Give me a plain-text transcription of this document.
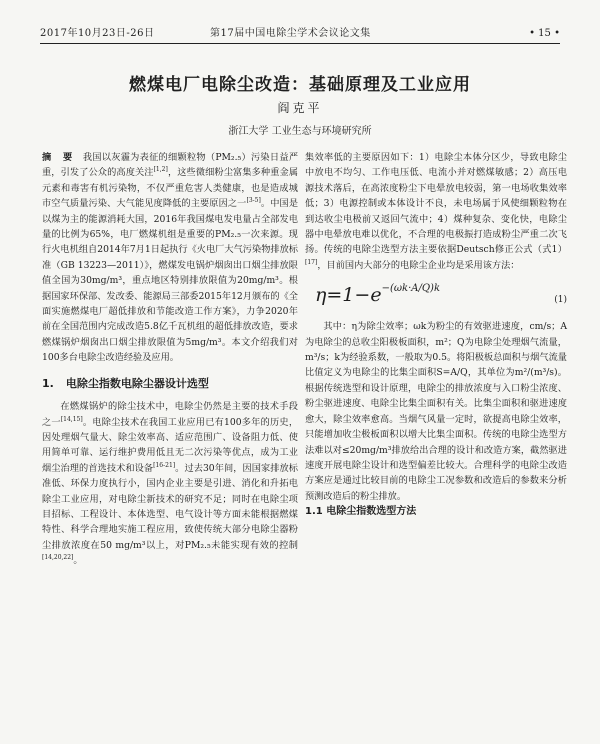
2017年10月23日-26日	第17届中国电除尘学术会议论文集	• 15 •
燃煤电厂电除尘改造：基础原理及工业应用
阎克平
浙江大学 工业生态与环境研究所

摘 要 我国以灰霾为表征的细颗粒物（PM₂.₅）污染日益严重，引发了公众的高度关注[1,2]，这些微细粉尘富集多种重金属元素和毒害有机污染物，不仅严重危害人类健康，也是造成城市空气质量污染、大气能见度降低的主要原因之一[3-5]。中国是以煤为主的能源消耗大国，2016年我国煤电发电量占全部发电量的比例为65%，电厂燃煤机组是重要的PM₂.₅一次来源。现行火电机组自2014年7月1日起执行《火电厂大气污染物排放标准（GB 13223—2011）》，燃煤发电锅炉烟囱出口烟尘排放限值全国为30mg/m³，重点地区特别排放限值为20mg/m³。根据国家环保部、发改委、能源局三部委2015年12月颁布的《全面实施燃煤电厂超低排放和节能改造工作方案》，力争2020年前在全国范围内完成改造5.8亿千瓦机组的超低排放改造，要求燃煤锅炉烟囱出口烟尘排放限值为5mg/m³。本文介绍我们对100多台电除尘改造经验及应用。

1. 电除尘指数电除尘器设计选型

在燃煤锅炉的除尘技术中，电除尘仍然是主要的技术手段之一[14,15]。电除尘技术在我国工业应用已有100多年的历史，因处理烟气量大、除尘效率高、适应范围广、设备阻力低、使用简单可靠、运行维护费用低且无二次污染等优点，成为工业烟尘治理的首选技术和设备[16-21]。过去30年间，因国家排放标准低、环保力度执行小，国内企业主要是引进、消化和升拓电除尘工业应用，对电除尘新技术的研究不足；同时在电除尘项目招标、工程设计、本体选型、电气设计等方面未能根据燃煤特性、科学合理地实施工程应用，致使传统大部分电除尘器粉尘排放浓度在50 mg/m³以上，对PM₂.₅未能实现有效的控制[14,20,22]。

集效率低的主要原因如下：1）电除尘本体分区少，导致电除尘中放电不均匀、工作电压低、电流小并对燃煤敏感；2）高压电源技术落后，在高浓度粉尘下电晕放电较弱，第一电场收集效率低；3）电源控制或本体设计不良，未电场属于风使细颗粒物在到达收尘电极前又返回气流中；4）煤种复杂、变化快，电除尘器中电晕放电难以优化，不合理的电极振打造成粉尘严重二次飞扬。传统的电除尘选型方法主要依据Deutsch修正公式（式1）[17]，目前国内大部分的电除尘企业均是采用该方法：

$\eta=1-e^{-(\omega k\cdot A/Q)k}$
(1)

其中：η为除尘效率；ωk为粉尘的有效驱进速度，cm/s；A为电除尘的总收尘阳极板面积，m²；Q为电除尘处理烟气流量，m³/s；k为经验系数，一般取为0.5。将阳极板总面积与烟气流量比值定义为电除尘的比集尘面积S=A/Q，其单位为m²/(m³/s)。根据传统选型和设计原理，电除尘的排放浓度与入口粉尘浓度、粉尘驱进速度、电除尘比集尘面积有关。比集尘面积和驱进速度愈大，除尘效率愈高。当烟气风量一定时，欲提高电除尘效率，只能增加收尘极板面积以增大比集尘面积。传统的电除尘选型方法难以对≤20mg/m³排放给出合理的设计和改造方案，截然驱进速度开展电除尘设计和选型偏差比较大。合理科学的电除尘改造方案应是通过比较目前的电除尘工况参数和改造后的参数来分析预测改造后的粉尘排放。

1.1 电除尘指数选型方法
